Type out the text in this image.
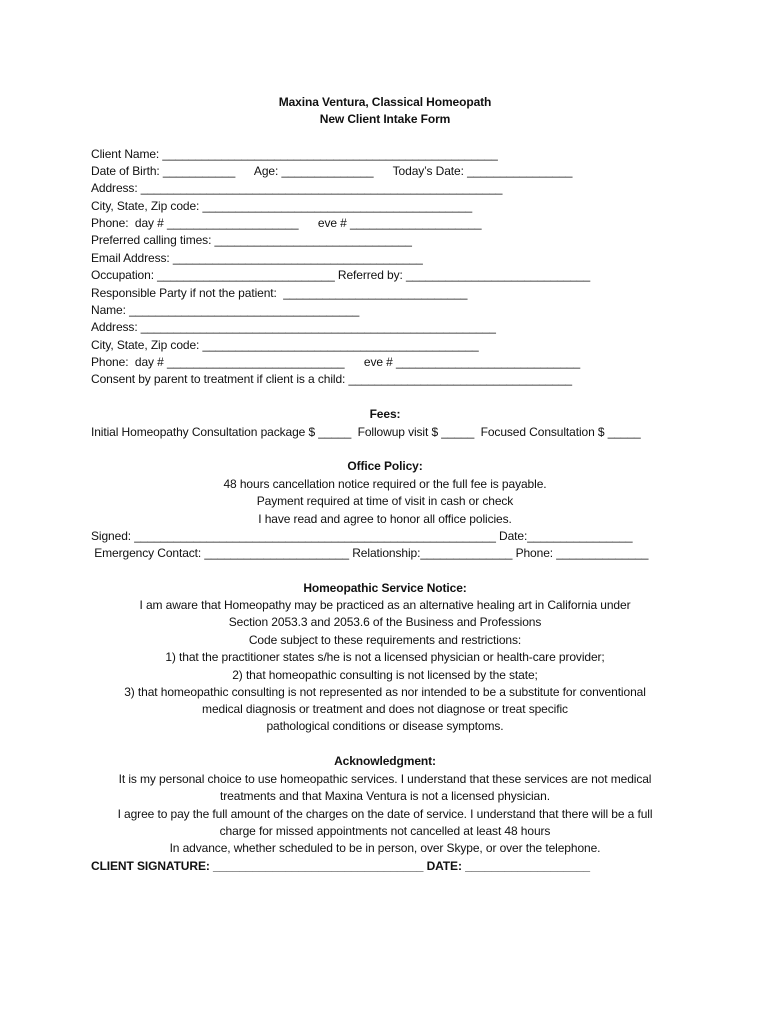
Maxina Ventura, Classical Homeopath
New Client Intake Form
Client Name: ___________________________________________________
Date of Birth: ___________      Age: ______________      Today’s Date: ________________
Address: _______________________________________________________
City, State, Zip code: _________________________________________
Phone:  day # ____________________      eve # ____________________
Preferred calling times: ______________________________
Email Address: ______________________________________
Occupation: ___________________________ Referred by: ____________________________
Responsible Party if not the patient:  ____________________________
Name: ___________________________________
Address: ______________________________________________________
City, State, Zip code: __________________________________________
Phone:  day # ___________________________      eve # ____________________________
Consent by parent to treatment if client is a child: __________________________________
Fees:
Initial Homeopathy Consultation package $ _____  Followup visit $ _____  Focused Consultation $ _____
Office Policy:
48 hours cancellation notice required or the full fee is payable.
Payment required at time of visit in cash or check
I have read and agree to honor all office policies.
Signed: _______________________________________________________ Date:________________
Emergency Contact: ______________________ Relationship:______________ Phone: ______________
Homeopathic Service Notice:
I am aware that Homeopathy may be practiced as an alternative healing art in California under
Section 2053.3 and 2053.6 of the Business and Professions
Code subject to these requirements and restrictions:
1) that the practitioner states s/he is not a licensed physician or health-care provider;
2) that homeopathic consulting is not licensed by the state;
3) that homeopathic consulting is not represented as nor intended to be a substitute for conventional
medical diagnosis or treatment and does not diagnose or treat specific
pathological conditions or disease symptoms.
Acknowledgment:
It is my personal choice to use homeopathic services. I understand that these services are not medical
treatments and that Maxina Ventura is not a licensed physician.
I agree to pay the full amount of the charges on the date of service. I understand that there will be a full
charge for missed appointments not cancelled at least 48 hours
In advance, whether scheduled to be in person, over Skype, or over the telephone.
CLIENT SIGNATURE: ________________________________ DATE: ___________________
